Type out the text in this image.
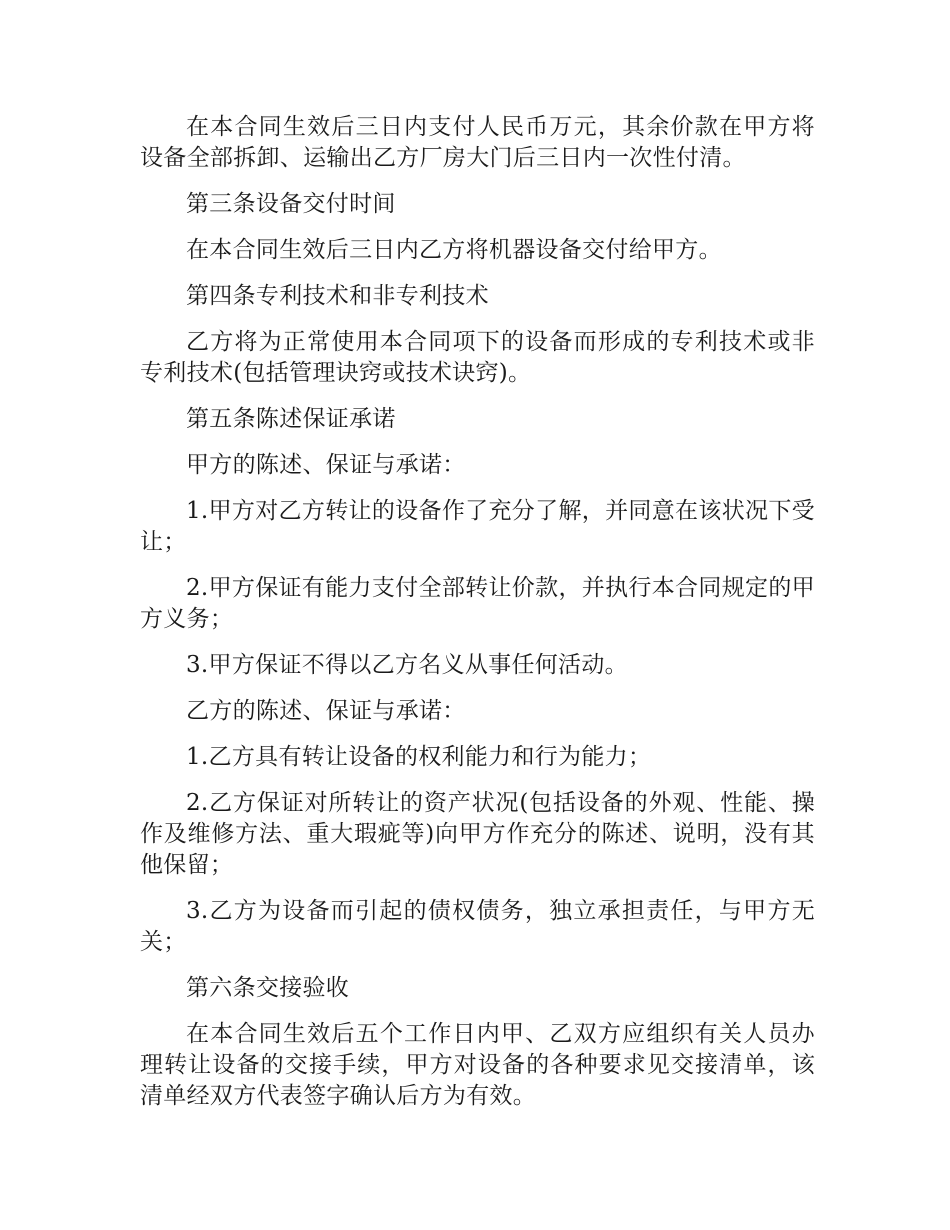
在本合同生效后三日内支付人民币万元，其余价款在甲方将设备全部拆卸、运输出乙方厂房大门后三日内一次性付清。

第三条设备交付时间

在本合同生效后三日内乙方将机器设备交付给甲方。

第四条专利技术和非专利技术

乙方将为正常使用本合同项下的设备而形成的专利技术或非专利技术(包括管理诀窍或技术诀窍)。

第五条陈述保证承诺

甲方的陈述、保证与承诺：

1.甲方对乙方转让的设备作了充分了解，并同意在该状况下受让；

2.甲方保证有能力支付全部转让价款，并执行本合同规定的甲方义务；

3.甲方保证不得以乙方名义从事任何活动。

乙方的陈述、保证与承诺：

1.乙方具有转让设备的权利能力和行为能力；

2.乙方保证对所转让的资产状况(包括设备的外观、性能、操作及维修方法、重大瑕疵等)向甲方作充分的陈述、说明，没有其他保留；

3.乙方为设备而引起的债权债务，独立承担责任，与甲方无关；

第六条交接验收

在本合同生效后五个工作日内甲、乙双方应组织有关人员办理转让设备的交接手续，甲方对设备的各种要求见交接清单，该清单经双方代表签字确认后方为有效。
